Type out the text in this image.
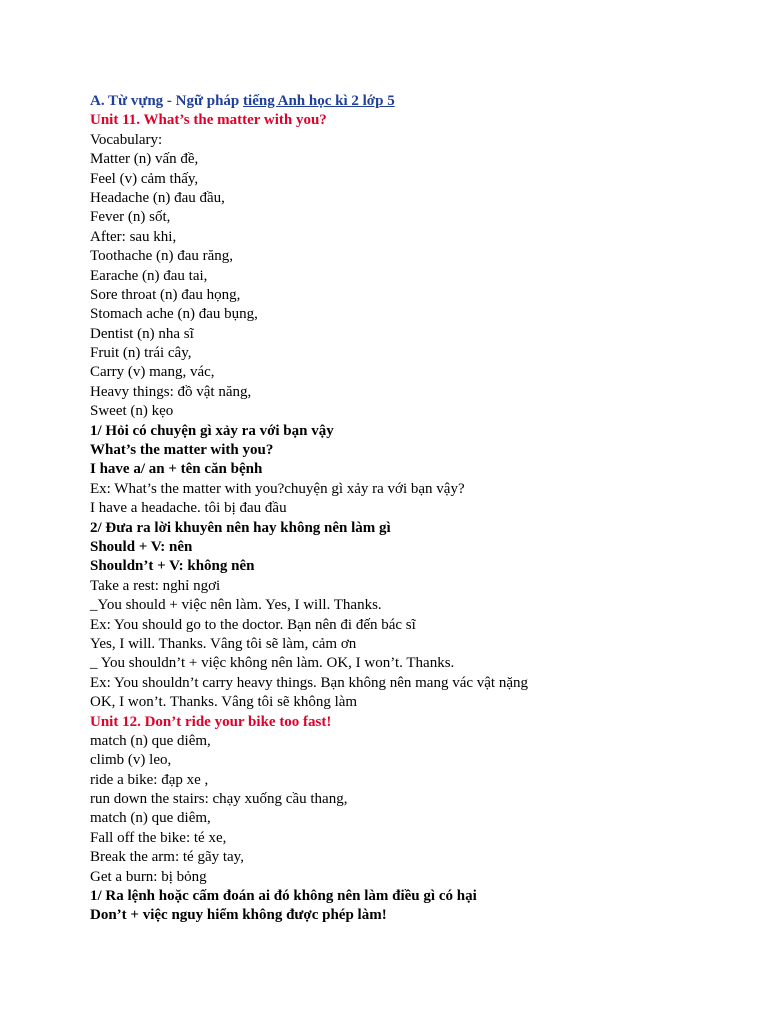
A. Từ vựng - Ngữ pháp tiếng Anh học kì 2 lớp 5
Unit 11. What’s the matter with you?
Vocabulary:
Matter (n) vấn đề,
Feel (v) cảm thấy,
Headache (n) đau đầu,
Fever (n) sốt,
After: sau khi,
Toothache (n) đau răng,
Earache (n) đau tai,
Sore throat (n) đau họng,
Stomach ache (n) đau bụng,
Dentist (n) nha sĩ
Fruit (n) trái cây,
Carry (v) mang, vác,
Heavy things: đồ vật năng,
Sweet (n) kẹo
1/ Hỏi có chuyện gì xảy ra với bạn vậy
What’s the matter with you?
I have a/ an + tên căn bệnh
Ex: What’s the matter with you?chuyện gì xảy ra với bạn vậy?
I have a headache. tôi bị đau đầu
2/ Đưa ra lời khuyên nên hay không nên làm gì
Should + V: nên
Shouldn’t + V: không nên
Take a rest: nghỉ ngơi
_You should + việc nên làm. Yes, I will. Thanks.
Ex: You should go to the doctor. Bạn nên đi đến bác sĩ
Yes, I will. Thanks. Vâng tôi sẽ làm, cảm ơn
_ You shouldn’t + việc không nên làm. OK, I won’t. Thanks.
Ex: You shouldn’t carry heavy things. Bạn không nên mang vác vật nặng
OK, I won’t. Thanks. Vâng tôi sẽ không làm
Unit 12. Don’t ride your bike too fast!
match (n) que diêm,
climb (v) leo,
ride a bike: đạp xe ,
run down the stairs: chạy xuống cầu thang,
match (n) que diêm,
Fall off the bike: té xe,
Break the arm: té gãy tay,
Get a burn: bị bỏng
1/ Ra lệnh hoặc cấm đoán ai đó không nên làm điều gì có hại
Don’t + việc nguy hiểm không được phép làm!
